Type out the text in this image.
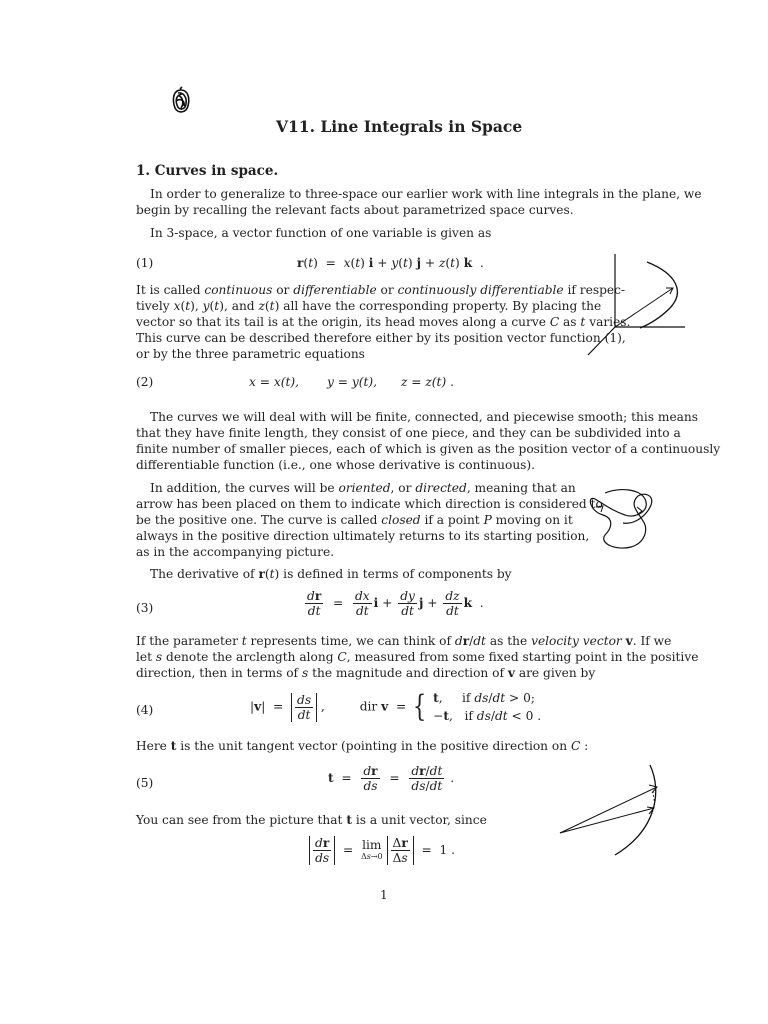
V11. Line Integrals in Space
1. Curves in space.
In order to generalize to three-space our earlier work with line integrals in the plane, we
begin by recalling the relevant facts about parametrized space curves.
In 3-space, a vector function of one variable is given as
(1)	r(t)  =  x(t) i + y(t) j + z(t) k  .
It is called continuous or differentiable or continuously differentiable if respec-
tively x(t), y(t), and z(t) all have the corresponding property. By placing the
vector so that its tail is at the origin, its head moves along a curve C as t varies.
This curve can be described therefore either by its position vector function (1),
or by the three parametric equations
(2)	x = x(t), y = y(t), z = z(t) .
The curves we will deal with will be finite, connected, and piecewise smooth; this means
that they have finite length, they consist of one piece, and they can be subdivided into a
finite number of smaller pieces, each of which is given as the position vector of a continuously
differentiable function (i.e., one whose derivative is continuous).
In addition, the curves will be oriented, or directed, meaning that an
arrow has been placed on them to indicate which direction is considered to
be the positive one. The curve is called closed if a point P moving on it
always in the positive direction ultimately returns to its starting position,
as in the accompanying picture.
The derivative of r(t) is defined in terms of components by
(3)	$\frac{dr}{dt} = \frac{dx}{dt}$ $i + \frac{dy}{dt}$ $j + \frac{dz}{dt}$ k  .
If the parameter t represents time, we can think of dr/dt as the velocity vector v. If we
let s denote the arclength along C, measured from some fixed starting point in the positive
direction, then in terms of s the magnitude and direction of v are given by
(4)	$|v| = \frac{ds}{dt}$ ,         dir v  = { t,     if ds/dt > 0;
−t,   if ds/dt < 0 .
Here t is the unit tangent vector (pointing in the positive direction on C :
(5)	$t = \frac{dr}{ds} = \frac{dr/dt}{ds/dt}$ .
You can see from the picture that t is a unit vector, since
$\frac{dr}{ds} = \lim$
Δs→0
$\frac{\Delta r}{\Delta s} = 1$ .
1
